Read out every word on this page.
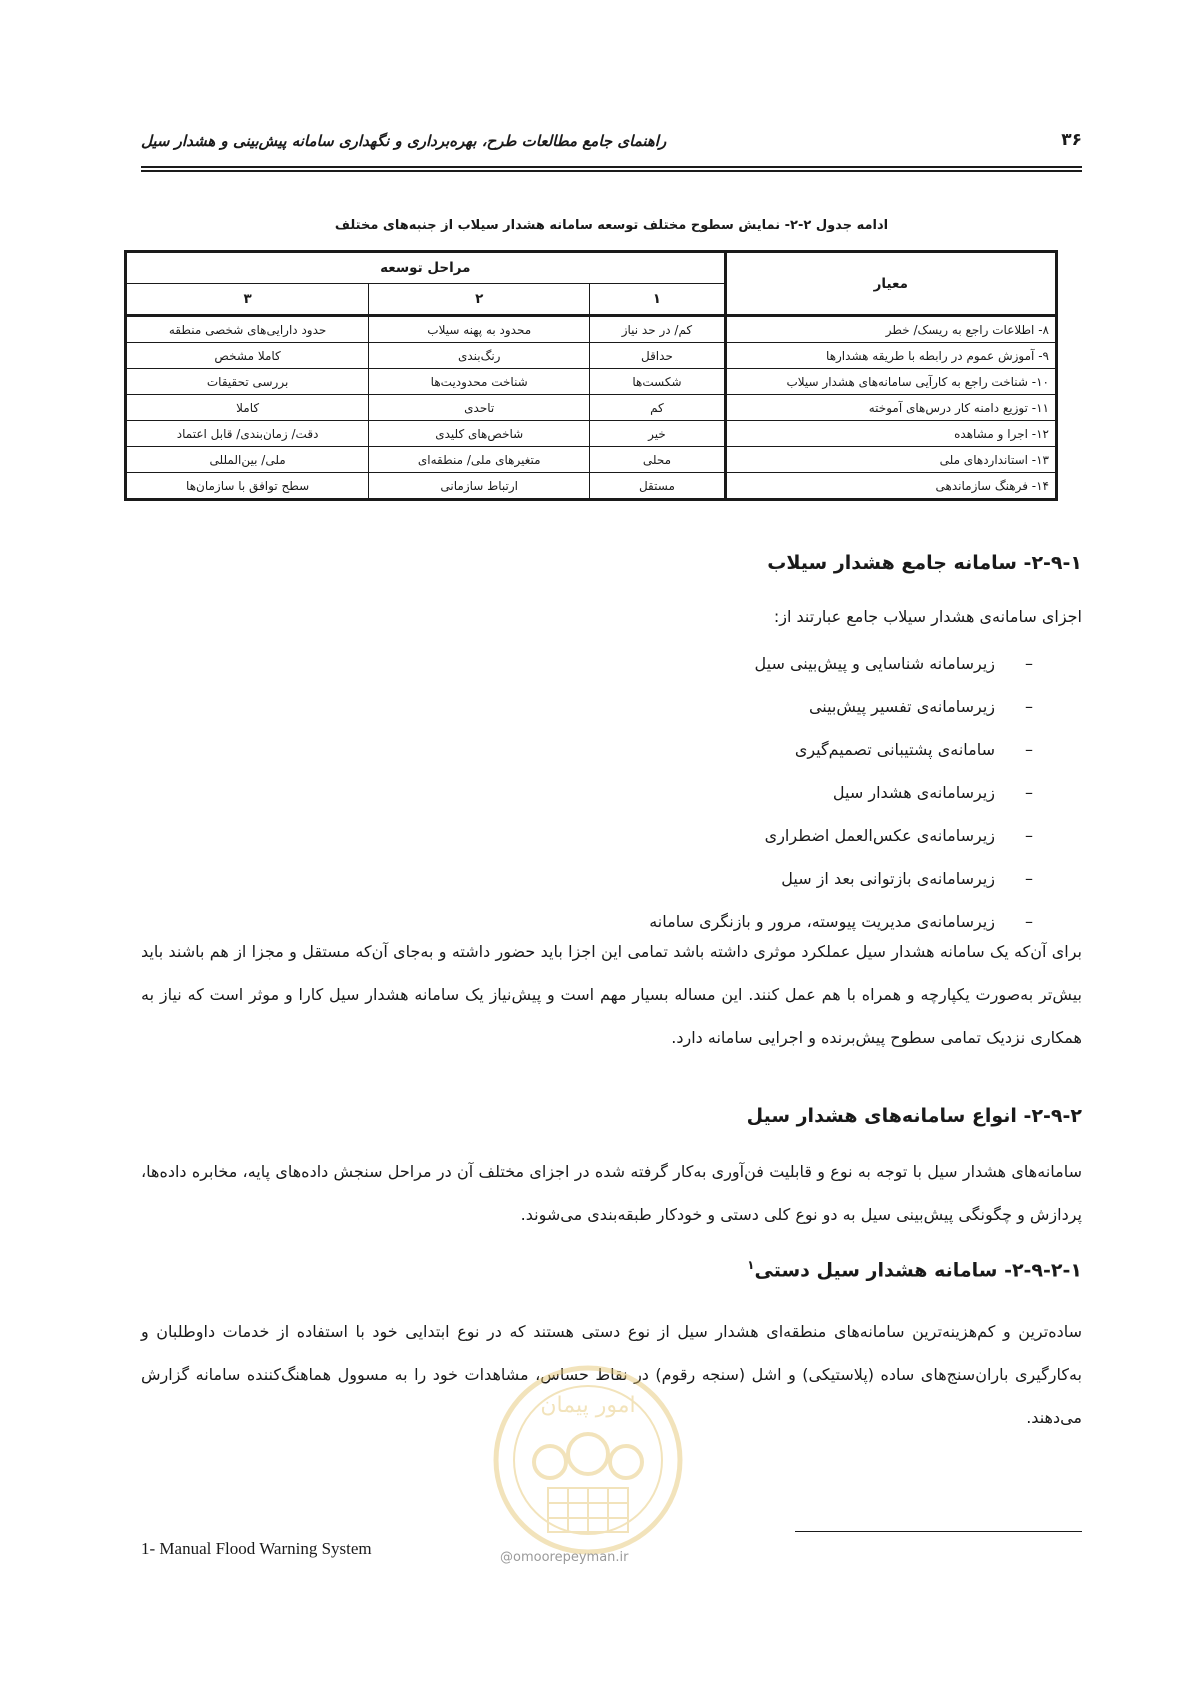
۳۶
راهنمای جامع مطالعات طرح، بهره‌برداری و نگهداری سامانه پیش‌بینی و هشدار سیل
ادامه جدول ۲-۲- نمایش سطوح مختلف توسعه سامانه هشدار سیلاب از جنبه‌های مختلف
معیار	مراحل توسعه		
	۱	۲	۳
۸- اطلاعات راجع به ریسک/ خطر	کم/ در حد نیاز	محدود به پهنه سیلاب	حدود دارایی‌های شخصی منطقه
۹- آموزش عموم در رابطه با طریقه هشدارها	حداقل	رنگ‌بندی	کاملا مشخص
۱۰- شناخت راجع به کارآیی سامانه‌های هشدار سیلاب	شکست‌ها	شناخت محدودیت‌ها	بررسی تحقیقات
۱۱- توزیع دامنه کار درس‌های آموخته	کم	تاحدی	کاملا
۱۲- اجرا و مشاهده	خیر	شاخص‌های کلیدی	دقت/ زمان‌بندی/ قابل اعتماد
۱۳- استانداردهای ملی	محلی	متغیرهای ملی/ منطقه‌ای	ملی/ بین‌المللی
۱۴- فرهنگ سازماندهی	مستقل	ارتباط سازمانی	سطح توافق با سازمان‌ها
۲-۹-۱- سامانه جامع هشدار سیلاب
اجزای سامانه‌ی هشدار سیلاب جامع عبارتند از:
–زیرسامانه شناسایی و پیش‌بینی سیل
–زیرسامانه‌ی تفسیر پیش‌بینی
–سامانه‌ی پشتیبانی تصمیم‌گیری
–زیرسامانه‌ی هشدار سیل
–زیرسامانه‌ی عکس‌العمل اضطراری
–زیرسامانه‌ی بازتوانی بعد از سیل
–زیرسامانه‌ی مدیریت پیوسته، مرور و بازنگری سامانه

برای آن‌که یک سامانه هشدار سیل عملکرد موثری داشته باشد تمامی این اجزا باید حضور داشته و به‌جای آن‌که مستقل و مجزا از هم باشند باید بیش‌تر به‌صورت یکپارچه و همراه با هم عمل کنند. این مساله بسیار مهم است و پیش‌نیاز یک سامانه هشدار سیل کارا و موثر است که نیاز به همکاری نزدیک تمامی سطوح پیش‌برنده و اجرایی سامانه دارد.

۲-۹-۲- انواع سامانه‌های هشدار سیل

سامانه‌های هشدار سیل با توجه به نوع و قابلیت فن‌آوری به‌کار گرفته شده در اجزای مختلف آن در مراحل سنجش داده‌های پایه، مخابره داده‌ها، پردازش و چگونگی پیش‌بینی سیل به دو نوع کلی دستی و خودکار طبقه‌بندی می‌شوند.

۲-۹-۲-۱- سامانه هشدار سیل دستی$^۱$

ساده‌ترین و کم‌هزینه‌ترین سامانه‌های منطقه‌ای هشدار سیل از نوع دستی هستند که در نوع ابتدایی خود با استفاده از خدمات داوطلبان و به‌کارگیری باران‌سنج‌های ساده (پلاستیکی) و اشل (سنجه رقوم) در نقاط حساس، مشاهدات خود را به مسوول هماهنگ‌کننده سامانه گزارش می‌دهند.

امور پیمان
@omoorepeyman.ir
1- Manual Flood Warning System
